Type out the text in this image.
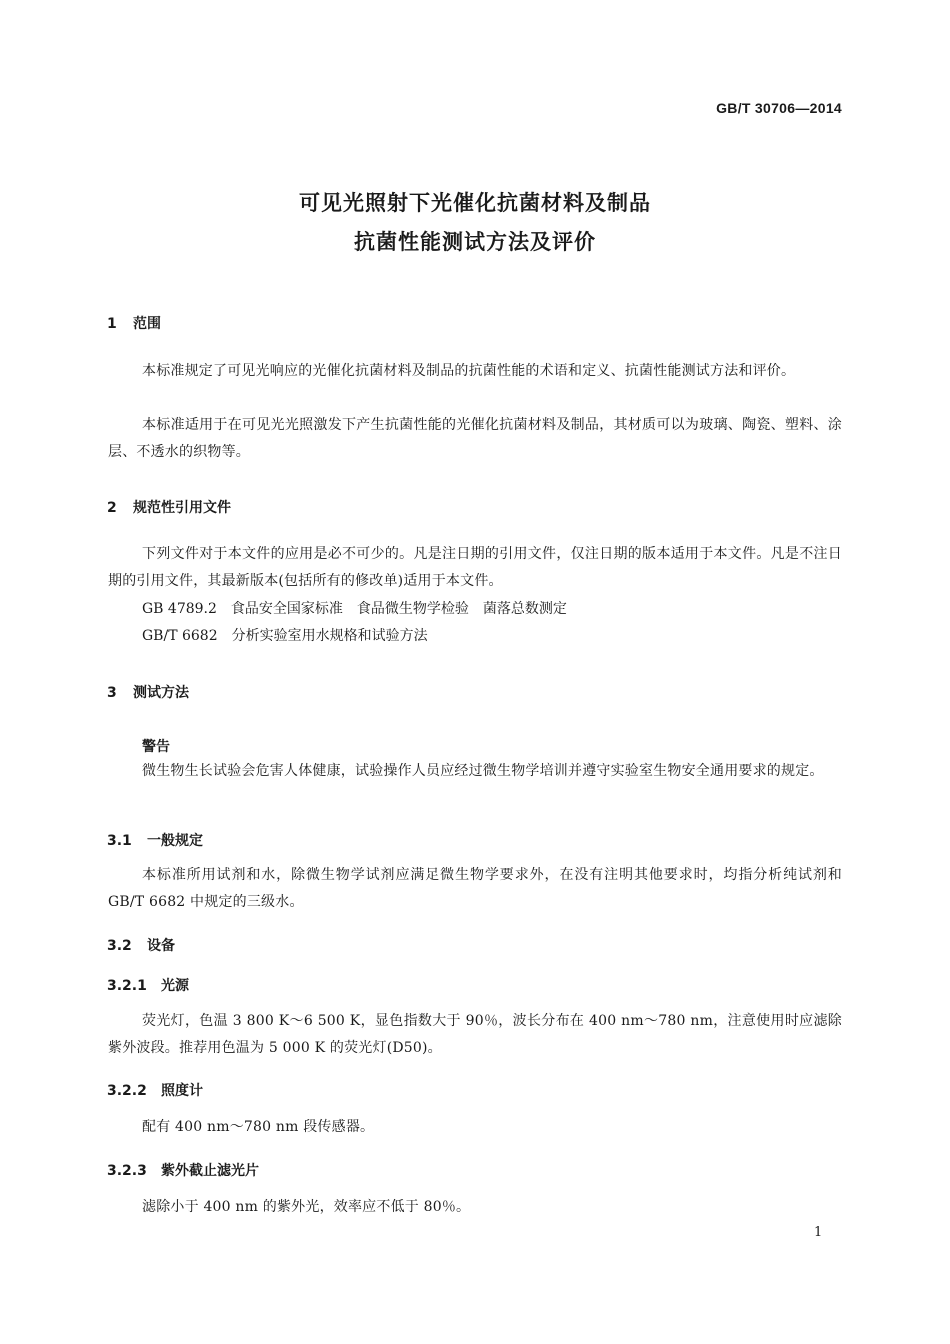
GB/T 30706—2014
可见光照射下光催化抗菌材料及制品
抗菌性能测试方法及评价
1 范围
本标准规定了可见光响应的光催化抗菌材料及制品的抗菌性能的术语和定义、抗菌性能测试方法和评价。
本标准适用于在可见光光照激发下产生抗菌性能的光催化抗菌材料及制品，其材质可以为玻璃、陶瓷、塑料、涂层、不透水的织物等。
2 规范性引用文件
下列文件对于本文件的应用是必不可少的。凡是注日期的引用文件，仅注日期的版本适用于本文件。凡是不注日期的引用文件，其最新版本(包括所有的修改单)适用于本文件。
GB 4789.2　食品安全国家标准　食品微生物学检验　菌落总数测定
GB/T 6682　分析实验室用水规格和试验方法
3 测试方法
警告
微生物生长试验会危害人体健康，试验操作人员应经过微生物学培训并遵守实验室生物安全通用要求的规定。
3.1 一般规定
本标准所用试剂和水，除微生物学试剂应满足微生物学要求外，在没有注明其他要求时，均指分析纯试剂和 GB/T 6682 中规定的三级水。
3.2 设备
3.2.1 光源
荧光灯，色温 3 800 K～6 500 K，显色指数大于 90％，波长分布在 400 nm～780 nm，注意使用时应滤除紫外波段。推荐用色温为 5 000 K 的荧光灯(D50)。
3.2.2 照度计
配有 400 nm～780 nm 段传感器。
3.2.3 紫外截止滤光片
滤除小于 400 nm 的紫外光，效率应不低于 80％。
1
